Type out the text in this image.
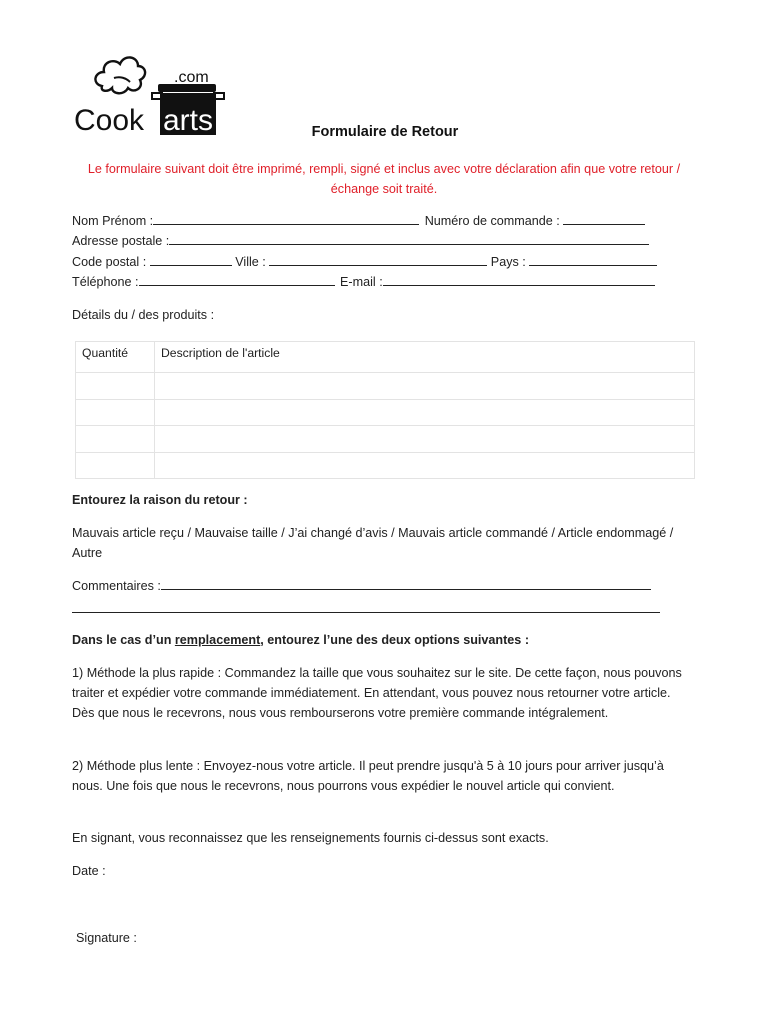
.com
Cook arts	Formulaire de Retour
Le formulaire suivant doit être imprimé, rempli, signé et inclus avec votre déclaration afin que votre retour / échange soit traité.
Nom Prénom :	Numéro de commande :
Adresse postale :
Code postal :	Ville :	Pays :
Téléphone :	E-mail :
Détails du / des produits :
Quantité	Description de l'article

Entourez la raison du retour :
Mauvais article reçu / Mauvaise taille / J’ai changé d’avis / Mauvais article commandé / Article endommagé / Autre
Commentaires :
Dans le cas d’un remplacement, entourez l’une des deux options suivantes :
1) Méthode la plus rapide : Commandez la taille que vous souhaitez sur le site. De cette façon, nous pouvons traiter et expédier votre commande immédiatement. En attendant, vous pouvez nous retourner votre article. Dès que nous le recevrons, nous vous rembourserons votre première commande intégralement.
2) Méthode plus lente : Envoyez-nous votre article. Il peut prendre jusqu'à 5 à 10 jours pour arriver jusqu’à nous. Une fois que nous le recevrons, nous pourrons vous expédier le nouvel article qui convient.
En signant, vous reconnaissez que les renseignements fournis ci-dessus sont exacts.
Date :
Signature :
